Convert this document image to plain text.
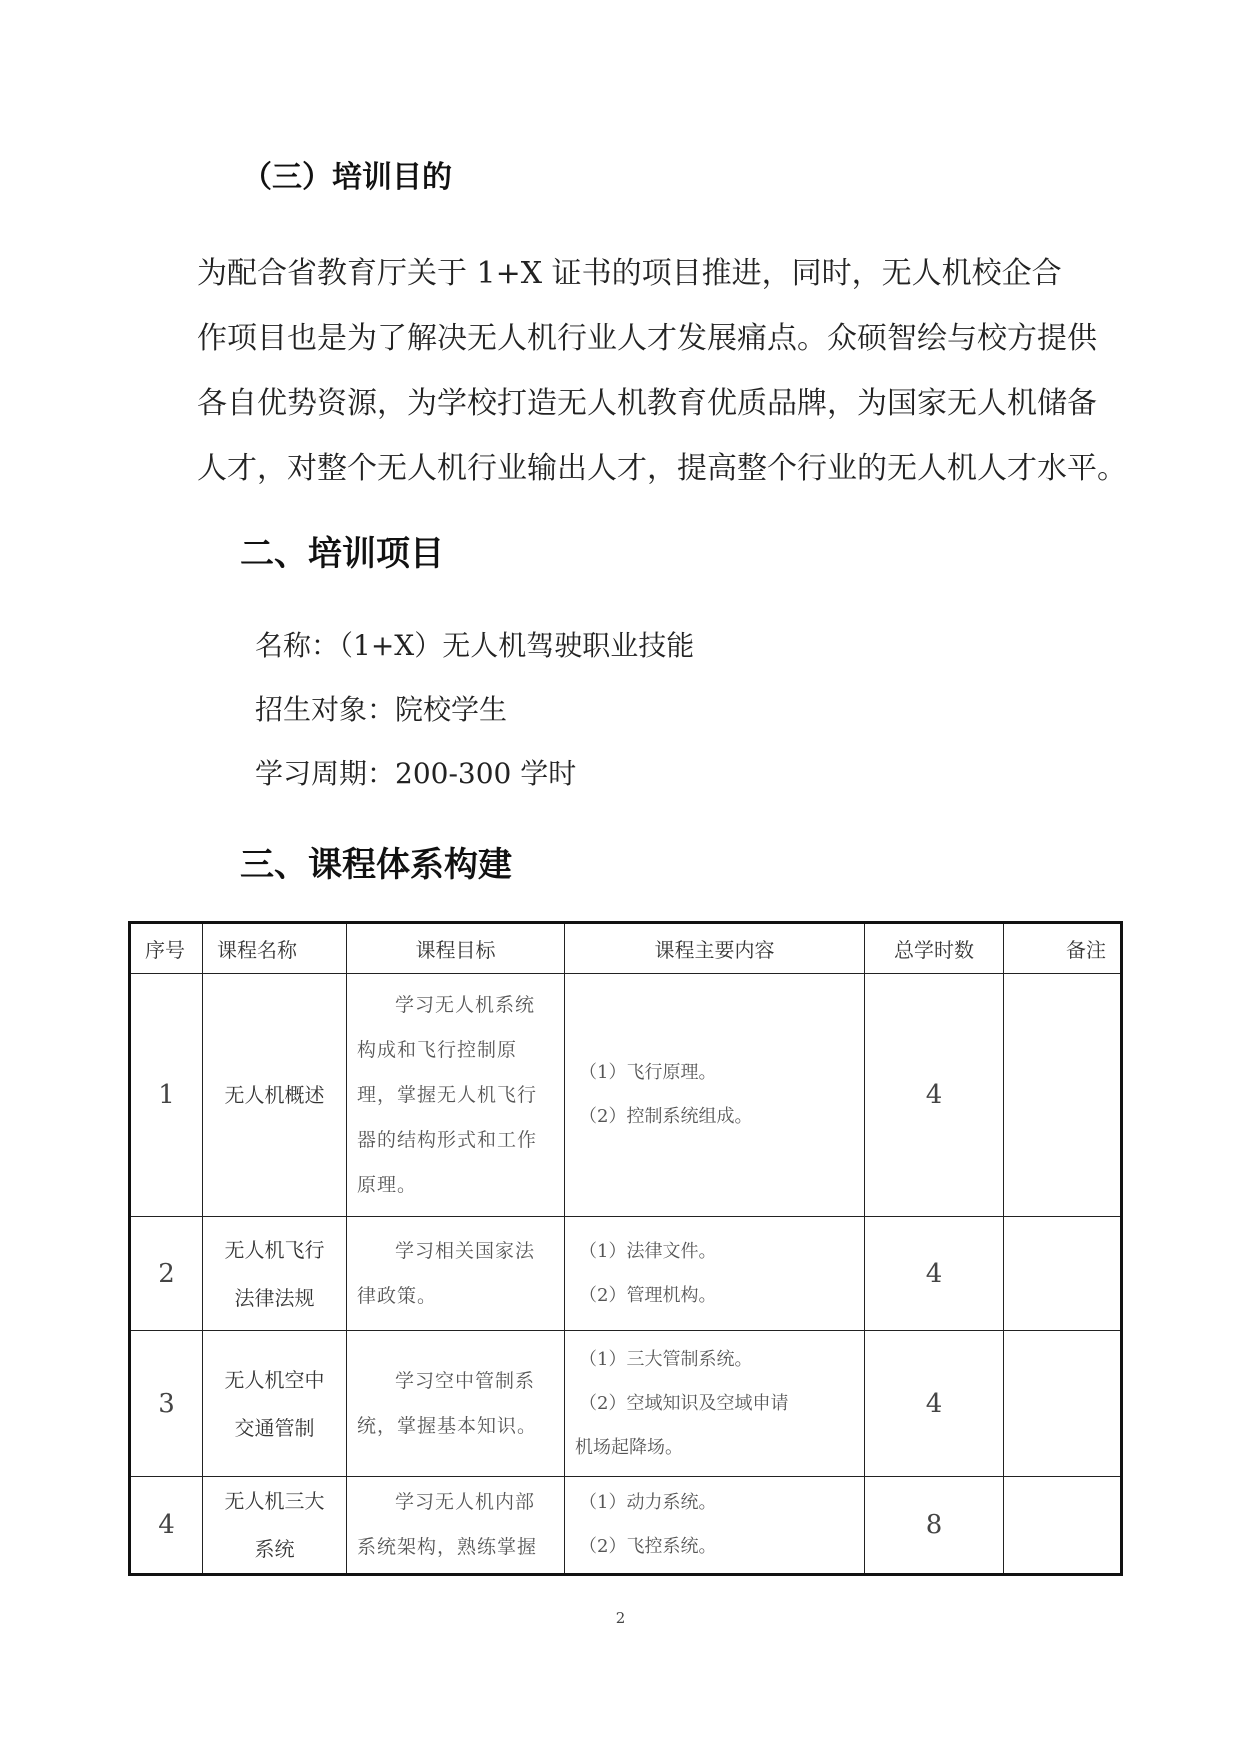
（三）培训目的
为配合省教育厅关于 1+X 证书的项目推进，同时，无人机校企合
作项目也是为了解决无人机行业人才发展痛点。众硕智绘与校方提供
各自优势资源，为学校打造无人机教育优质品牌，为国家无人机储备
人才，对整个无人机行业输出人才，提高整个行业的无人机人才水平。
二、培训项目
名称：（1+X）无人机驾驶职业技能
招生对象：院校学生
学习周期：200-300 学时
三、课程体系构建
序号	课程名称	课程目标	课程主要内容	总学时数	备注
1	无人机概述	学习无人机系统构成和飞行控制原理，掌握无人机飞行器的结构形式和工作原理。	（1）飞行原理。
（2）控制系统组成。	4	
2	无人机飞行法律法规	学习相关国家法律政策。	（1）法律文件。
（2）管理机构。	4	
3	无人机空中交通管制	学习空中管制系统，掌握基本知识。	（1）三大管制系统。
（2）空域知识及空域申请
机场起降场。	4	
4	无人机三大系统	学习无人机内部系统架构，熟练掌握	（1）动力系统。
（2）飞控系统。	8	
2
